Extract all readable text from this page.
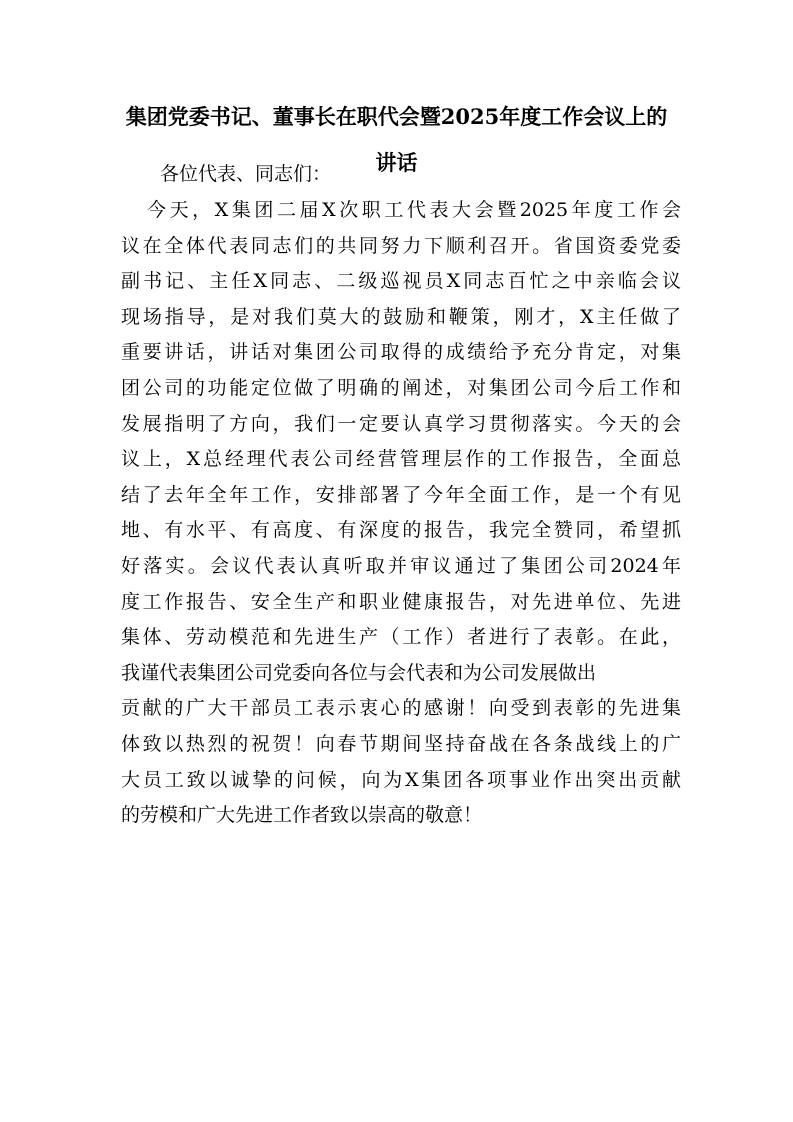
集团党委书记、董事长在职代会暨2025年度工作会议上的
讲话
各位代表、同志们：
今天，X集团二届X次职工代表大会暨2025年度工作会
议在全体代表同志们的共同努力下顺利召开。省国资委党委
副书记、主任X同志、二级巡视员X同志百忙之中亲临会议
现场指导，是对我们莫大的鼓励和鞭策，刚才，X主任做了
重要讲话，讲话对集团公司取得的成绩给予充分肯定，对集
团公司的功能定位做了明确的阐述，对集团公司今后工作和
发展指明了方向，我们一定要认真学习贯彻落实。今天的会
议上，X总经理代表公司经营管理层作的工作报告，全面总
结了去年全年工作，安排部署了今年全面工作，是一个有见
地、有水平、有高度、有深度的报告，我完全赞同，希望抓
好落实。会议代表认真听取并审议通过了集团公司2024年
度工作报告、安全生产和职业健康报告，对先进单位、先进
集体、劳动模范和先进生产（工作）者进行了表彰。在此，
我谨代表集团公司党委向各位与会代表和为公司发展做出
贡献的广大干部员工表示衷心的感谢！向受到表彰的先进集
体致以热烈的祝贺！向春节期间坚持奋战在各条战线上的广
大员工致以诚挚的问候，向为X集团各项事业作出突出贡献
的劳模和广大先进工作者致以崇高的敬意！
